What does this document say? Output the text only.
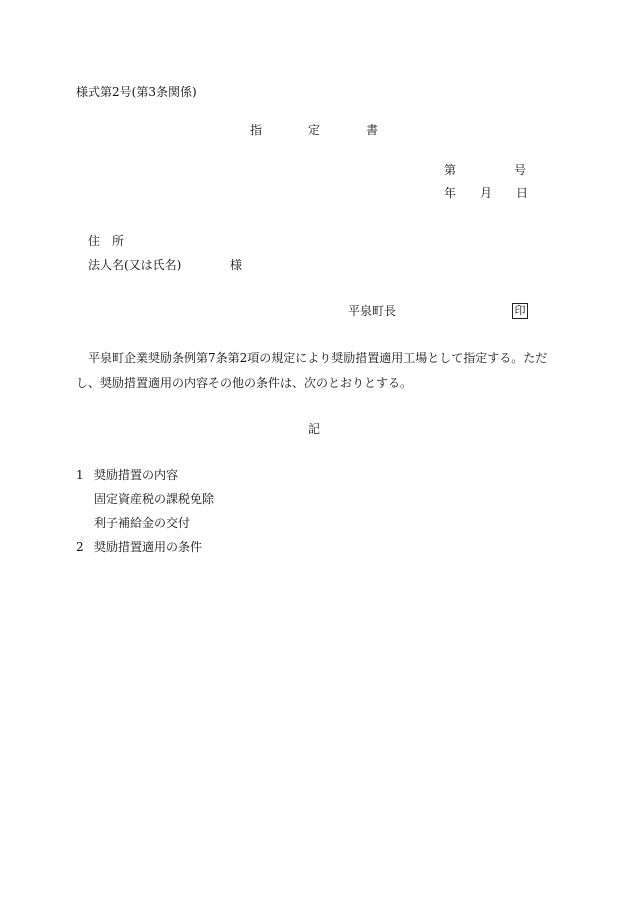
様式第2号(第3条関係)
指	定	書
第	号
年 月 日
住　所
法人名(又は氏名)	様
平泉町長	印
平泉町企業奨励条例第7条第2項の規定により奨励措置適用工場として指定する。ただし、奨励措置適用の内容その他の条件は、次のとおりとする。
記
1 奨励措置の内容
固定資産税の課税免除
利子補給金の交付
2 奨励措置適用の条件
